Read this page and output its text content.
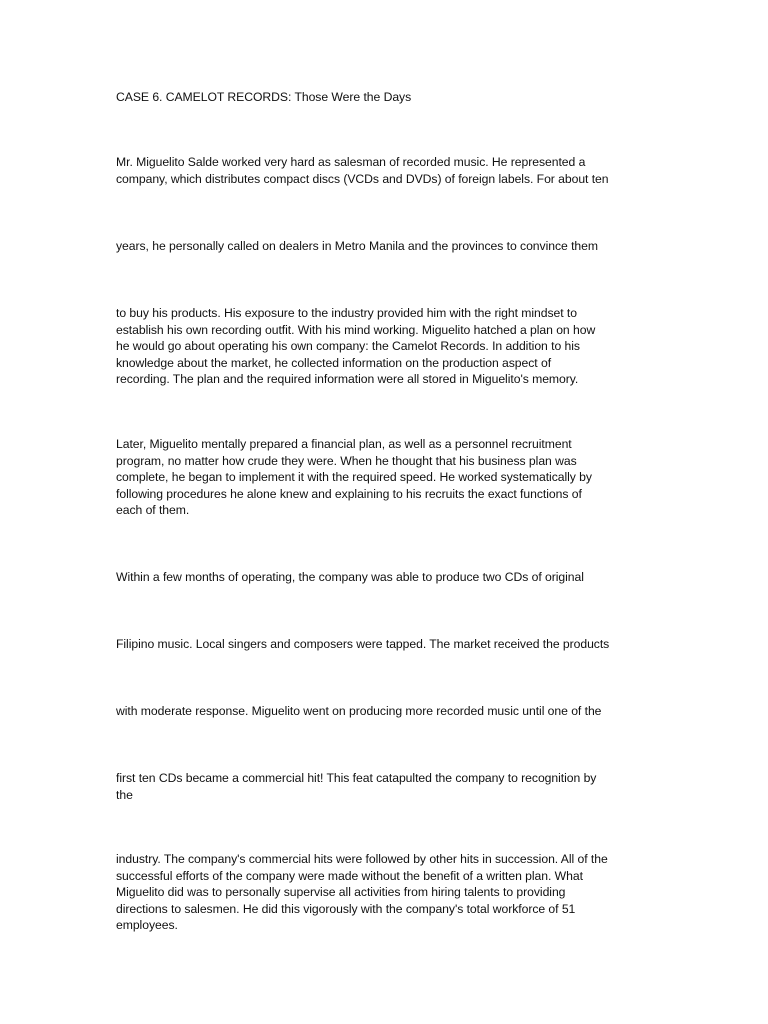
CASE 6. CAMELOT RECORDS: Those Were the Days

Mr. Miguelito Salde worked very hard as salesman of recorded music. He represented a
company, which distributes compact discs (VCDs and DVDs) of foreign labels. For about ten

years, he personally called on dealers in Metro Manila and the provinces to convince them

to buy his products. His exposure to the industry provided him with the right mindset to
establish his own recording outfit. With his mind working. Miguelito hatched a plan on how
he would go about operating his own company: the Camelot Records. In addition to his
knowledge about the market, he collected information on the production aspect of
recording. The plan and the required information were all stored in Miguelito's memory.

Later, Miguelito mentally prepared a financial plan, as well as a personnel recruitment
program, no matter how crude they were. When he thought that his business plan was
complete, he began to implement it with the required speed. He worked systematically by
following procedures he alone knew and explaining to his recruits the exact functions of
each of them.

Within a few months of operating, the company was able to produce two CDs of original

Filipino music. Local singers and composers were tapped. The market received the products

with moderate response. Miguelito went on producing more recorded music until one of the

first ten CDs became a commercial hit! This feat catapulted the company to recognition by
the

industry. The company's commercial hits were followed by other hits in succession. All of the
successful efforts of the company were made without the benefit of a written plan. What
Miguelito did was to personally supervise all activities from hiring talents to providing
directions to salesmen. He did this vigorously with the company's total workforce of 51
employees.
